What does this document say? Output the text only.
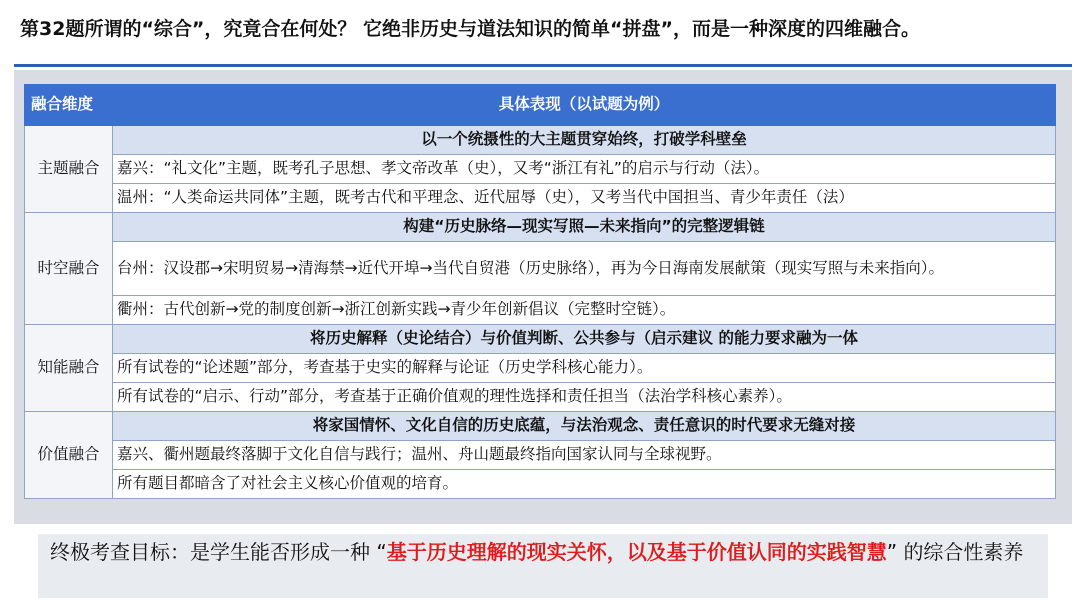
第32题所谓的“综合”，究竟合在何处？ 它绝非历史与道法知识的简单“拼盘”，而是一种深度的四维融合。
融合维度	具体表现（以试题为例）
主题融合	以一个统摄性的大主题贯穿始终，打破学科壁垒
	嘉兴：“礼文化”主题，既考孔子思想、孝文帝改革（史），又考“浙江有礼”的启示与行动（法）。
	温州：“人类命运共同体”主题，既考古代和平理念、近代屈辱（史），又考当代中国担当、青少年责任（法）
时空融合	构建“历史脉络—现实写照—未来指向”的完整逻辑链
	台州：汉设郡→宋明贸易→清海禁→近代开埠→当代自贸港（历史脉络），再为今日海南发展献策（现实写照与未来指向）。
	衢州：古代创新→党的制度创新→浙江创新实践→青少年创新倡议（完整时空链）。
知能融合	将历史解释（史论结合）与价值判断、公共参与（启示建议 的能力要求融为一体
	所有试卷的“论述题”部分，考查基于史实的解释与论证（历史学科核心能力）。
	所有试卷的“启示、行动”部分，考查基于正确价值观的理性选择和责任担当（法治学科核心素养）。
价值融合	将家国情怀、文化自信的历史底蕴，与法治观念、责任意识的时代要求无缝对接
	嘉兴、衢州题最终落脚于文化自信与践行；温州、舟山题最终指向国家认同与全球视野。
	所有题目都暗含了对社会主义核心价值观的培育。
终极考查目标：是学生能否形成一种 “基于历史理解的现实关怀，以及基于价值认同的实践智慧” 的综合性素养
